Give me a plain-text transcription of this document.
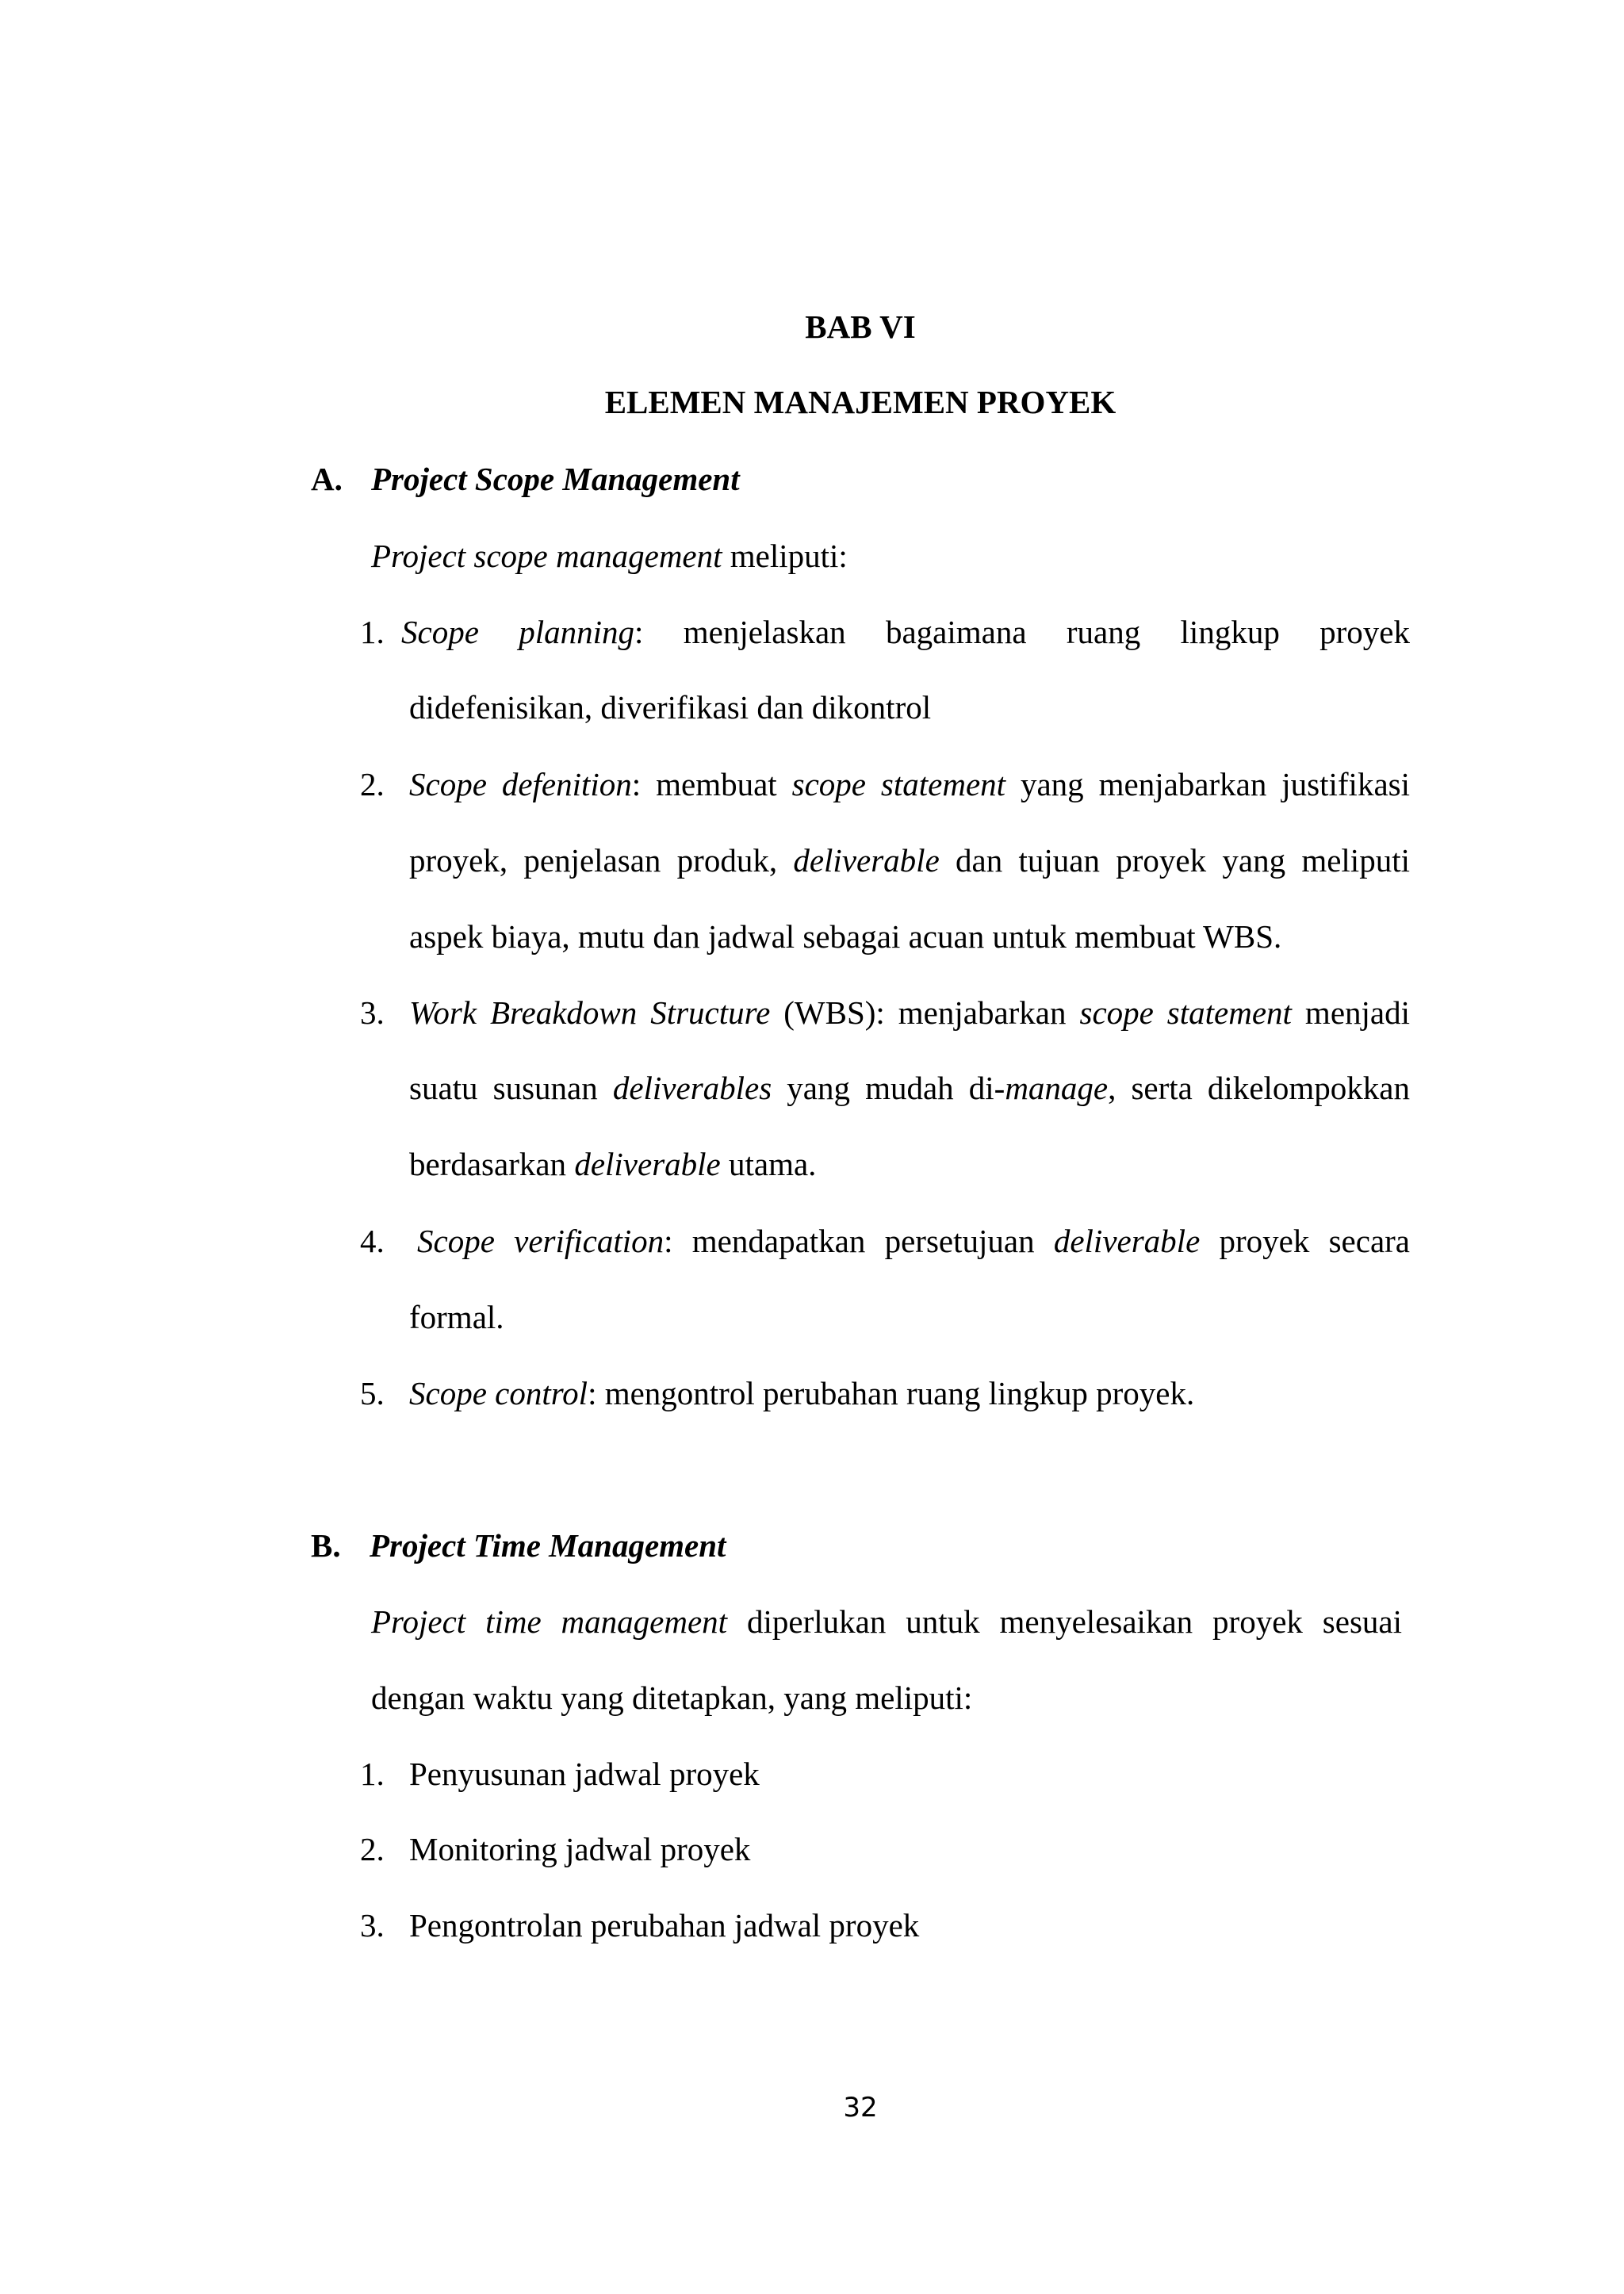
BAB VI
ELEMEN MANAJEMEN PROYEK
A. Project Scope Management
Project scope management meliputi:
1. Scope planning: menjelaskan bagaimana ruang lingkup proyek
didefenisikan, diverifikasi dan dikontrol
2. Scope defenition: membuat scope statement yang menjabarkan justifikasi
proyek, penjelasan produk, deliverable dan tujuan proyek yang meliputi
aspek biaya, mutu dan jadwal sebagai acuan untuk membuat WBS.
3. Work Breakdown Structure (WBS): menjabarkan scope statement menjadi
suatu susunan deliverables yang mudah di-manage, serta dikelompokkan
berdasarkan deliverable utama.
4. Scope verification: mendapatkan persetujuan deliverable proyek secara
formal.
5. Scope control: mengontrol perubahan ruang lingkup proyek.
B. Project Time Management
Project time management diperlukan untuk menyelesaikan proyek sesuai
dengan waktu yang ditetapkan, yang meliputi:
1. Penyusunan jadwal proyek
2. Monitoring jadwal proyek
3. Pengontrolan perubahan jadwal proyek
32
